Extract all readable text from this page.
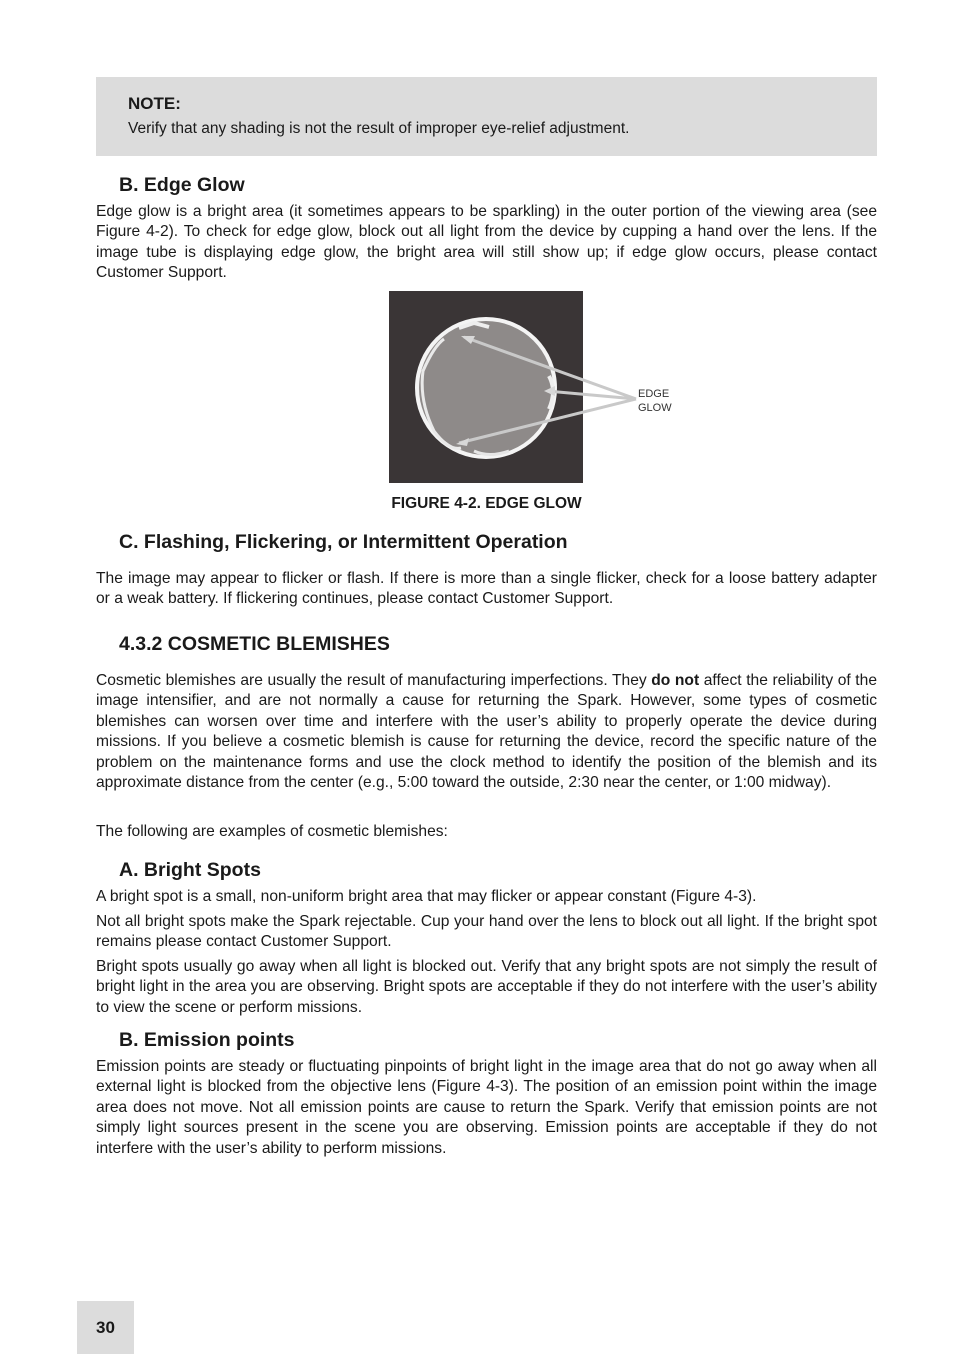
NOTE:

Verify that any shading is not the result of improper eye-relief adjustment.

B. Edge Glow

Edge glow is a bright area (it sometimes appears to be sparkling) in the outer portion of the viewing area (see Figure 4-2). To check for edge glow, block out all light from the device by cupping a hand over the lens. If the image tube is displaying edge glow, the bright area will still show up; if edge glow occurs, please contact Customer Support.

EDGE
GLOW

FIGURE 4-2. EDGE GLOW

C. Flashing, Flickering, or Intermittent Operation

The image may appear to flicker or flash. If there is more than a single flicker, check for a loose battery adapter or a weak battery. If flickering continues, please contact Customer Support.

4.3.2 COSMETIC BLEMISHES

Cosmetic blemishes are usually the result of manufacturing imperfections. They do not affect the reliability of the image intensifier, and are not normally a cause for returning the Spark. However, some types of cosmetic blemishes can worsen over time and interfere with the user’s ability to properly operate the device during missions. If you believe a cosmetic blemish is cause for returning the device, record the specific nature of the problem on the maintenance forms and use the clock method to identify the position of the blemish and its approximate distance from the center (e.g., 5:00 toward the outside, 2:30 near the center, or 1:00 midway).

The following are examples of cosmetic blemishes:

A. Bright Spots

A bright spot is a small, non-uniform bright area that may flicker or appear constant (Figure 4-3).

Not all bright spots make the Spark rejectable. Cup your hand over the lens to block out all light. If the bright spot remains please contact Customer Support.

Bright spots usually go away when all light is blocked out. Verify that any bright spots are not simply the result of bright light in the area you are observing. Bright spots are acceptable if they do not interfere with the user’s ability to view the scene or perform missions.

B. Emission points

Emission points are steady or fluctuating pinpoints of bright light in the image area that do not go away when all external light is blocked from the objective lens (Figure 4-3). The position of an emission point within the image area does not move. Not all emission points are cause to return the Spark. Verify that emission points are not simply light sources present in the scene you are observing. Emission points are acceptable if they do not interfere with the user’s ability to perform missions.

30
